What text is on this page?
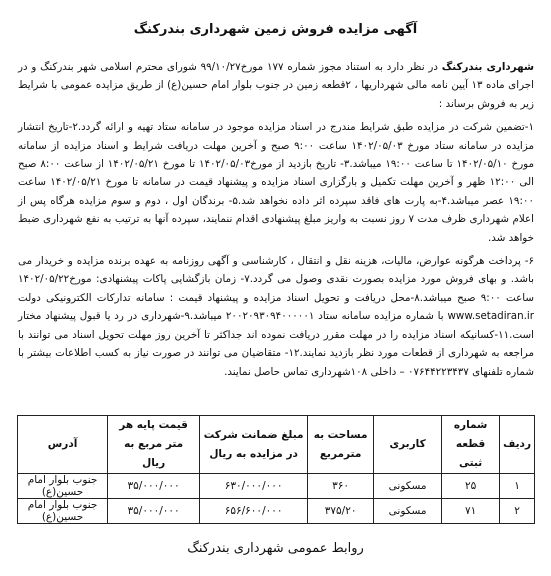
آگهی مزایده فروش زمین شهرداری بندرکنگ

شهرداری بندرکنگ در نظر دارد به استناد مجوز شماره ۱۷۷ مورخ۹۹/۱۰/۲۷ شورای محترم اسلامی شهر بندرکنگ و در اجرای ماده ۱۳ آیین نامه مالی شهرداریها ، ۲قطعه زمین در جنوب بلوار امام حسین(ع) از طریق مزایده عمومی با شرایط زیر به فروش برساند :

۱-تضمین شرکت در مزایده طبق شرایط مندرج در اسناد مزایده موجود در سامانه ستاد تهیه و ارائه گردد.۲-تاریخ انتشار مزایده در سامانه ستاد مورخ ۱۴۰۲/۰۵/۰۳ ساعت ۹:۰۰ صبح و آخرین مهلت دریافت شرایط و اسناد مزایده از سامانه مورخ ۱۴۰۲/۰۵/۱۰ تا ساعت ۱۹:۰۰ میباشد.۳- تاریخ بازدید از مورخ۱۴۰۲/۰۵/۰۳ تا مورخ ۱۴۰۲/۰۵/۲۱ از ساعت ۸:۰۰ صبح الی ۱۲:۰۰ ظهر و آخرین مهلت تکمیل و بارگزاری اسناد مزایده و پیشنهاد قیمت در سامانه تا مورخ ۱۴۰۲/۰۵/۲۱ ساعت ۱۹:۰۰ عصر میباشد.۴-به پارت های فاقد سپرده اثر داده نخواهد شد.۵- برندگان اول ، دوم و سوم مزایده هرگاه پس از اعلام شهرداری ظرف مدت ۷ روز نسبت به واریز مبلغ پیشنهادی اقدام ننمایند، سپرده آنها به ترتیب به نفع شهرداری ضبط خواهد شد.

۶- پرداخت هرگونه عوارض، مالیات، هزینه نقل و انتقال ، کارشناسی و آگهی روزنامه به عهده برنده مزایده و خریدار می باشد. و بهای فروش مورد مزایده بصورت نقدی وصول می گردد.۷- زمان بازگشایی پاکات پیشنهادی: مورخ۱۴۰۲/۰۵/۲۲ ساعت ۹:۰۰ صبح میباشد.۸-محل دریافت و تحویل اسناد مزایده و پیشنهاد قیمت : سامانه تدارکات الکترونیکی دولت www.setadiran.ir با شماره مزایده سامانه ستاد ۲۰۰۲۰۹۳۰۹۴۰۰۰۰۰۱ میباشد.۹-شهرداری در رد یا قبول پیشنهاد مختار است.۱۱-کسانیکه اسناد مزایده را در مهلت مقرر دریافت نموده اند جداکثر تا آخرین روز مهلت تحویل اسناد می توانند با مراجعه به شهرداری از قطعات مورد نظر بازدید نمایند.۱۲- متقاضیان می توانند در صورت نیاز به کسب اطلاعات بیشتر با شماره تلفنهای ۰۷۶۴۴۲۲۳۴۳۷ – داخلی ۱۰۸شهرداری تماس حاصل نمایند.

ردیف	شماره قطعه ثبتی	کاربری	مساحت به مترمربع	مبلغ ضمانت شرکت در مزایده به ریال	قیمت پایه هر متر مربع به ریال	آدرس
۱	۲۵	مسکونی	۳۶۰	۶۳۰/۰۰۰/۰۰۰	۳۵/۰۰۰/۰۰۰	جنوب بلوار امام حسین(ع)
۲	۷۱	مسکونی	۳۷۵/۲۰	۶۵۶/۶۰۰/۰۰۰	۳۵/۰۰۰/۰۰۰	جنوب بلوار امام حسین(ع)
روابط عمومی شهرداری بندرکنگ
